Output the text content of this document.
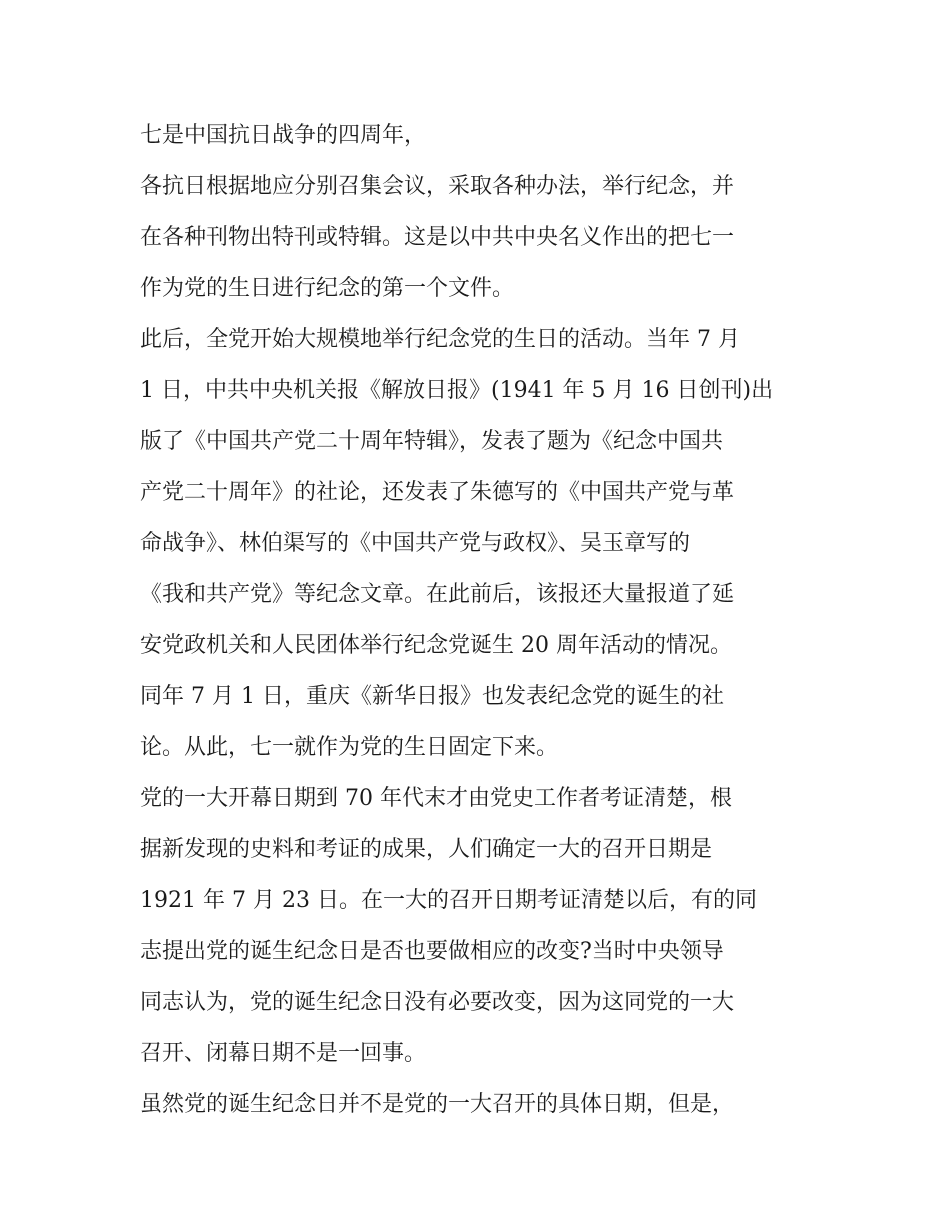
七是中国抗日战争的四周年，
各抗日根据地应分别召集会议，采取各种办法，举行纪念，并
在各种刊物出特刊或特辑。这是以中共中央名义作出的把七一
作为党的生日进行纪念的第一个文件。
此后，全党开始大规模地举行纪念党的生日的活动。当年 7 月
1 日，中共中央机关报《解放日报》(1941 年 5 月 16 日创刊)出
版了《中国共产党二十周年特辑》，发表了题为《纪念中国共
产党二十周年》的社论，还发表了朱德写的《中国共产党与革
命战争》、林伯渠写的《中国共产党与政权》、吴玉章写的
《我和共产党》等纪念文章。在此前后，该报还大量报道了延
安党政机关和人民团体举行纪念党诞生 20 周年活动的情况。
同年 7 月 1 日，重庆《新华日报》也发表纪念党的诞生的社
论。从此，七一就作为党的生日固定下来。
党的一大开幕日期到 70 年代末才由党史工作者考证清楚，根
据新发现的史料和考证的成果，人们确定一大的召开日期是
1921 年 7 月 23 日。在一大的召开日期考证清楚以后，有的同
志提出党的诞生纪念日是否也要做相应的改变?当时中央领导
同志认为，党的诞生纪念日没有必要改变，因为这同党的一大
召开、闭幕日期不是一回事。
虽然党的诞生纪念日并不是党的一大召开的具体日期，但是，
